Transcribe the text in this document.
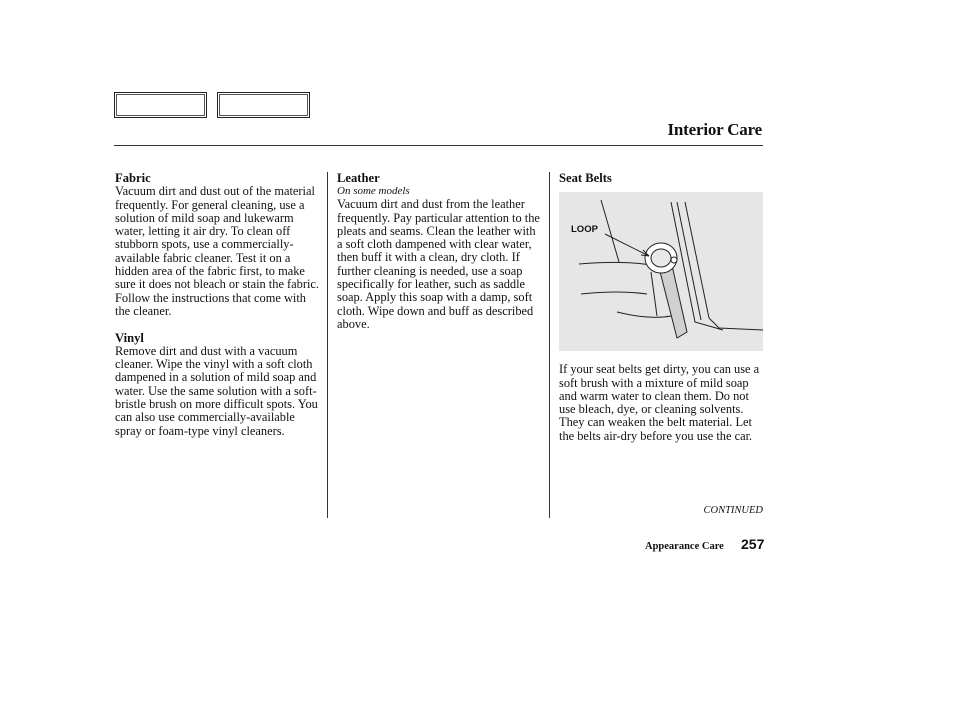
Interior Care
Fabric

Vacuum dirt and dust out of the material frequently. For general cleaning, use a solution of mild soap and lukewarm water, letting it air dry. To clean off stubborn spots, use a commercially-available fabric cleaner. Test it on a hidden area of the fabric first, to make sure it does not bleach or stain the fabric. Follow the instructions that come with the cleaner.

Vinyl

Remove dirt and dust with a vacuum cleaner. Wipe the vinyl with a soft cloth dampened in a solution of mild soap and water. Use the same solution with a soft-bristle brush on more difficult spots. You can also use commercially-available spray or foam-type vinyl cleaners.

Leather
On some models

Vacuum dirt and dust from the leather frequently. Pay particular attention to the pleats and seams. Clean the leather with a soft cloth dampened with clear water, then buff it with a clean, dry cloth. If further cleaning is needed, use a soap specifically for leather, such as saddle soap. Apply this soap with a damp, soft cloth. Wipe down and buff as described above.

Seat Belts
LOOP

If your seat belts get dirty, you can use a soft brush with a mixture of mild soap and warm water to clean them. Do not use bleach, dye, or cleaning solvents. They can weaken the belt material. Let the belts air-dry before you use the car.

CONTINUED
Appearance Care 257
